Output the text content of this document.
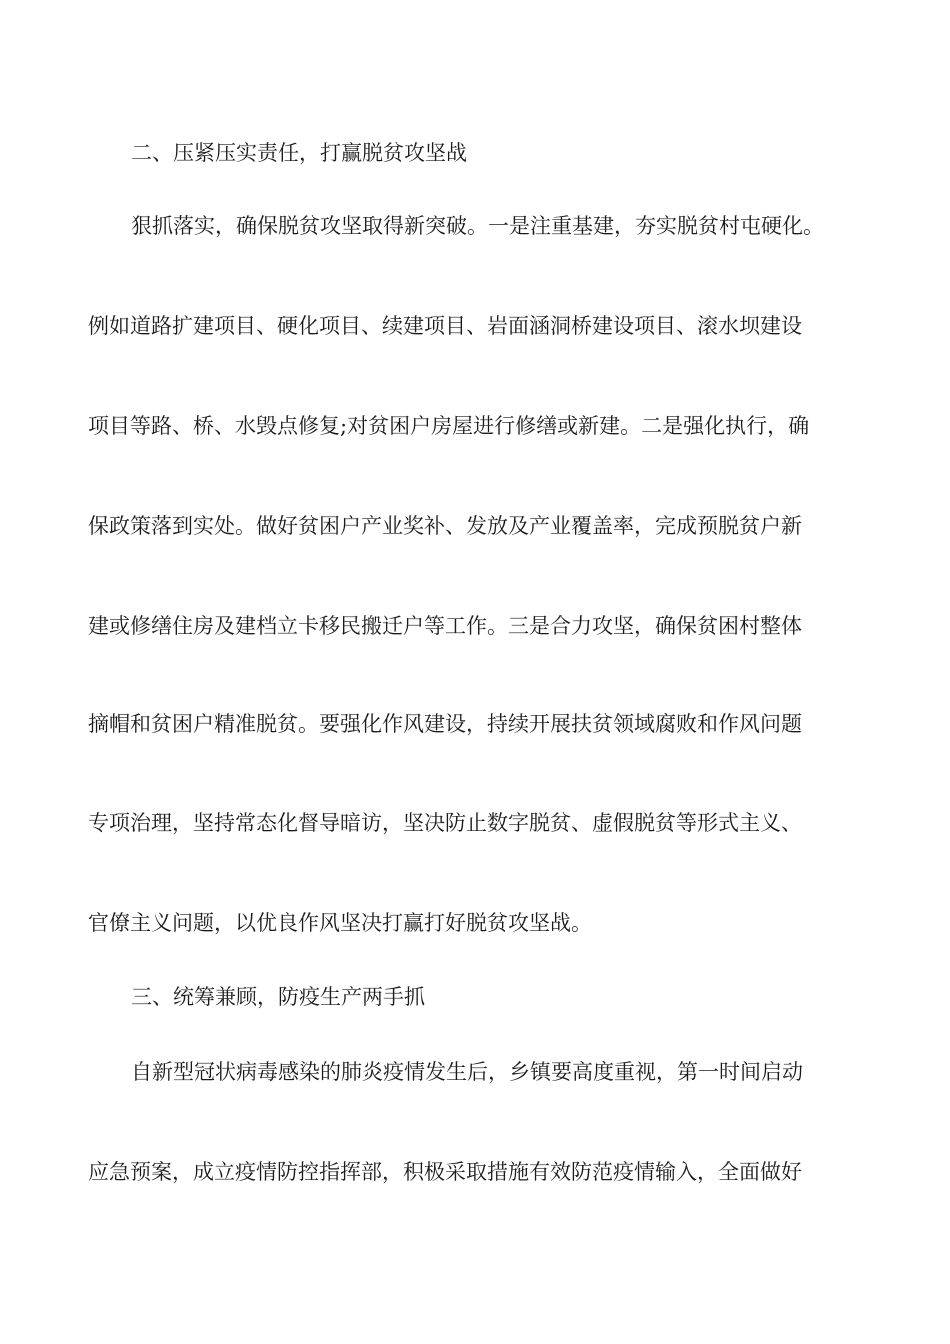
二、压紧压实责任，打赢脱贫攻坚战
狠抓落实，确保脱贫攻坚取得新突破。一是注重基建，夯实脱贫村屯硬化。
例如道路扩建项目、硬化项目、续建项目、岩面涵洞桥建设项目、滚水坝建设
项目等路、桥、水毁点修复;对贫困户房屋进行修缮或新建。二是强化执行，确
保政策落到实处。做好贫困户产业奖补、发放及产业覆盖率，完成预脱贫户新
建或修缮住房及建档立卡移民搬迁户等工作。三是合力攻坚，确保贫困村整体
摘帽和贫困户精准脱贫。要强化作风建设，持续开展扶贫领域腐败和作风问题
专项治理，坚持常态化督导暗访，坚决防止数字脱贫、虚假脱贫等形式主义、
官僚主义问题，以优良作风坚决打赢打好脱贫攻坚战。
三、统筹兼顾，防疫生产两手抓
自新型冠状病毒感染的肺炎疫情发生后，乡镇要高度重视，第一时间启动
应急预案，成立疫情防控指挥部，积极采取措施有效防范疫情输入，全面做好
